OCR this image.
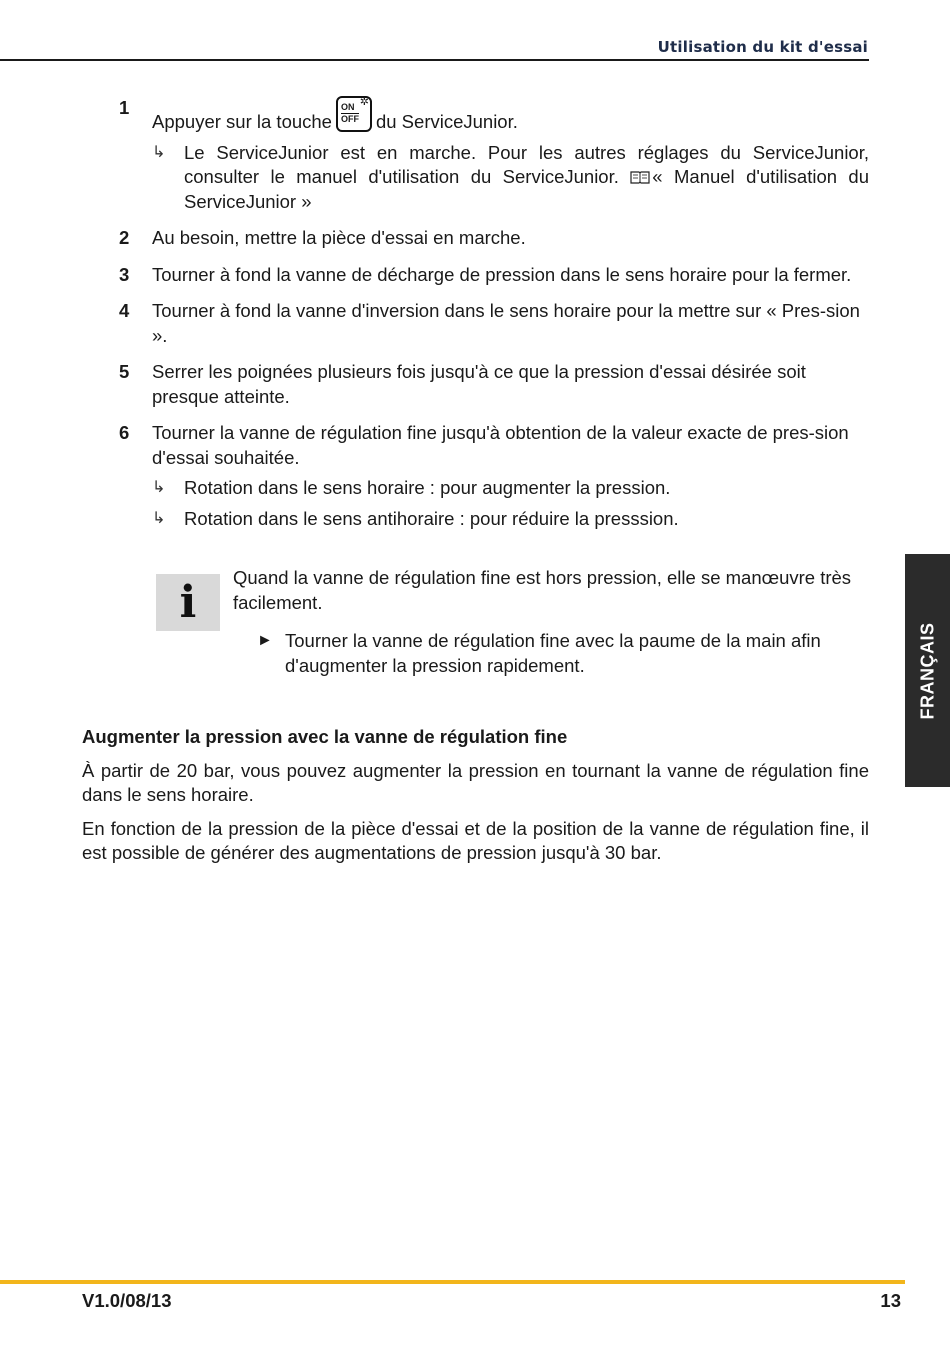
Utilisation du kit d'essai
1
Appuyer sur la touche
ON
OFF
✲
du ServiceJunior.
↳ Le ServiceJunior est en marche. Pour les autres réglages du ServiceJunior, consulter le manuel d'utilisation du ServiceJunior. « Manuel d'utilisation du ServiceJunior »
2 Au besoin, mettre la pièce d'essai en marche.
3 Tourner à fond la vanne de décharge de pression dans le sens horaire pour la fermer.
4 Tourner à fond la vanne d'inversion dans le sens horaire pour la mettre sur « Pres-sion ».
5 Serrer les poignées plusieurs fois jusqu'à ce que la pression d'essai désirée soit presque atteinte.
6 Tourner la vanne de régulation fine jusqu'à obtention de la valeur exacte de pres-sion d'essai souhaitée.
↳ Rotation dans le sens horaire : pour augmenter la pression.
↳ Rotation dans le sens antihoraire : pour réduire la presssion.
i	Quand la vanne de régulation fine est hors pression, elle se manœuvre très facilement.
► Tourner la vanne de régulation fine avec la paume de la main afin d'augmenter la pression rapidement.
Augmenter la pression avec la vanne de régulation fine

À partir de 20 bar, vous pouvez augmenter la pression en tournant la vanne de régulation fine dans le sens horaire.

En fonction de la pression de la pièce d'essai et de la position de la vanne de régulation fine, il est possible de générer des augmentations de pression jusqu'à 30 bar.

FRANÇAIS
V1.0/08/13	13
